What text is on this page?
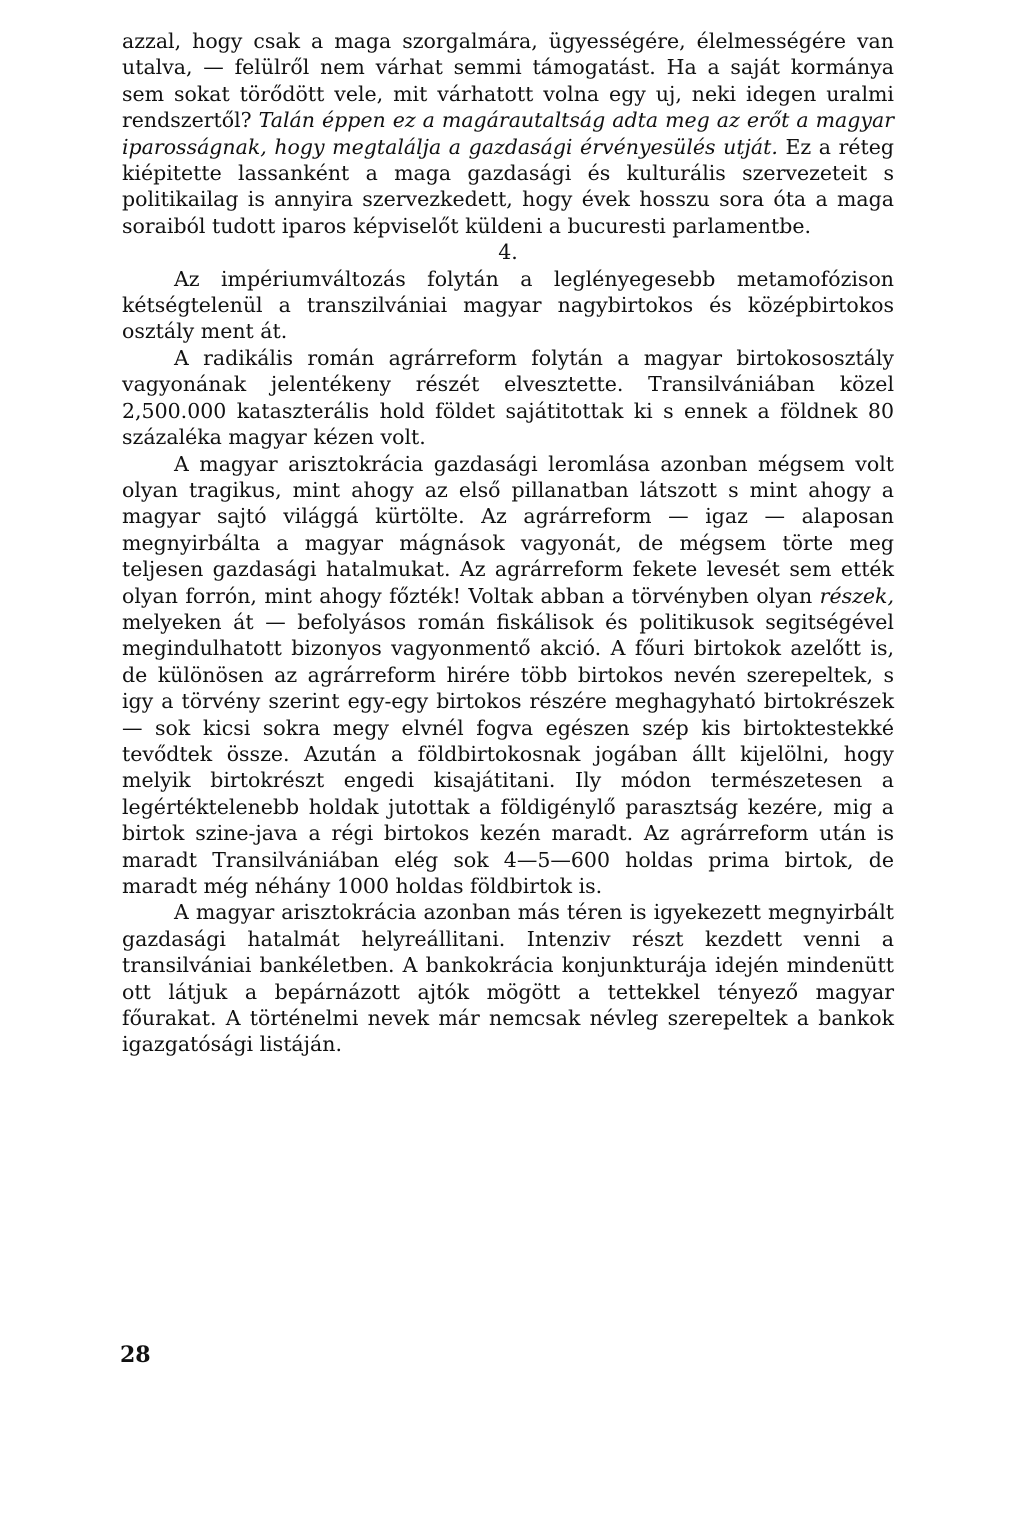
azzal, hogy csak a maga szorgalmára, ügyességére, élelmességére van utalva, — felülről nem várhat semmi támogatást. Ha a saját kormánya sem sokat törődött vele, mit várhatott volna egy uj, neki idegen uralmi rendszertől? Talán éppen ez a magárautaltság adta meg az erőt a magyar iparosságnak, hogy megtalálja a gazdasági érvényesülés utját. Ez a réteg kiépitette lassanként a maga gazdasági és kulturális szervezeteit s politikailag is annyira szervezkedett, hogy évek hosszu sora óta a maga soraiból tudott iparos képviselőt küldeni a bucuresti parlamentbe.

4.

Az impériumváltozás folytán a leglényegesebb metamofózison kétségtelenül a transzilvániai magyar nagybirtokos és középbirtokos osztály ment át.

A radikális román agrárreform folytán a magyar birtokososztály vagyonának jelentékeny részét elvesztette. Transilvániában közel 2,500.000 kataszterális hold földet sajátitottak ki s ennek a földnek 80 százaléka magyar kézen volt.

A magyar arisztokrácia gazdasági leromlása azonban mégsem volt olyan tragikus, mint ahogy az első pillanatban látszott s mint ahogy a magyar sajtó világgá kürtölte. Az agrárreform — igaz — alaposan megnyirbálta a magyar mágnások vagyonát, de mégsem törte meg teljesen gazdasági hatalmukat. Az agrárreform fekete levesét sem ették olyan forrón, mint ahogy főzték! Voltak abban a törvényben olyan részek, melyeken át — befolyásos román fiskálisok és politikusok segitségével megindulhatott bizonyos vagyonmentő akció. A főuri birtokok azelőtt is, de különösen az agrárreform hirére több birtokos nevén szerepeltek, s igy a törvény szerint egy-egy birtokos részére meghagyható birtokrészek — sok kicsi sokra megy elvnél fogva egészen szép kis birtoktestekké tevődtek össze. Azután a földbirtokosnak jogában állt kijelölni, hogy melyik birtokrészt engedi kisajátitani. Ily módon természetesen a legértéktelenebb holdak jutottak a földigénylő parasztság kezére, mig a birtok szine-java a régi birtokos kezén maradt. Az agrárreform után is maradt Transilvániában elég sok 4—5—600 holdas prima birtok, de maradt még néhány 1000 holdas földbirtok is.

A magyar arisztokrácia azonban más téren is igyekezett megnyirbált gazdasági hatalmát helyreállitani. Intenziv részt kezdett venni a transilvániai bankéletben. A bankokrácia konjunkturája idején mindenütt ott látjuk a bepárnázott ajtók mögött a tettekkel tényező magyar főurakat. A történelmi nevek már nemcsak névleg szerepeltek a bankok igazgatósági listáján.

28
